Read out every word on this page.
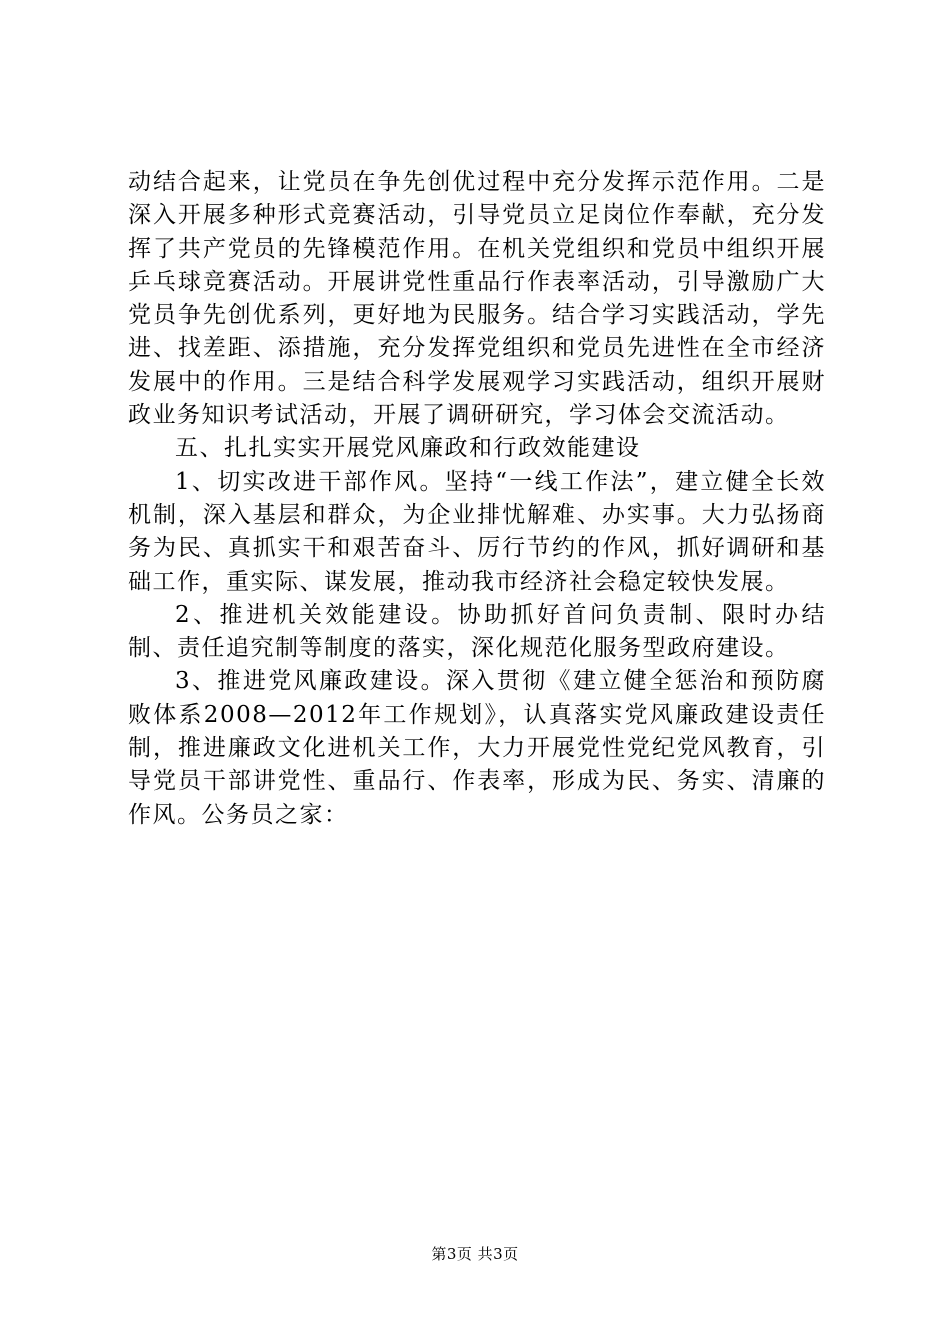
动结合起来，让党员在争先创优过程中充分发挥示范作用。二是深入开展多种形式竞赛活动，引导党员立足岗位作奉献，充分发挥了共产党员的先锋模范作用。在机关党组织和党员中组织开展乒乓球竞赛活动。开展讲党性重品行作表率活动，引导激励广大党员争先创优系列，更好地为民服务。结合学习实践活动，学先进、找差距、添措施，充分发挥党组织和党员先进性在全市经济发展中的作用。三是结合科学发展观学习实践活动，组织开展财政业务知识考试活动，开展了调研研究，学习体会交流活动。

五、扎扎实实开展党风廉政和行政效能建设

1、切实改进干部作风。坚持“一线工作法”，建立健全长效机制，深入基层和群众，为企业排忧解难、办实事。大力弘扬商务为民、真抓实干和艰苦奋斗、厉行节约的作风，抓好调研和基础工作，重实际、谋发展，推动我市经济社会稳定较快发展。

2、推进机关效能建设。协助抓好首问负责制、限时办结制、责任追究制等制度的落实，深化规范化服务型政府建设。

3、推进党风廉政建设。深入贯彻《建立健全惩治和预防腐败体系2008—2012年工作规划》，认真落实党风廉政建设责任制，推进廉政文化进机关工作，大力开展党性党纪党风教育，引导党员干部讲党性、重品行、作表率，形成为民、务实、清廉的作风。公务员之家：

第3页 共3页
